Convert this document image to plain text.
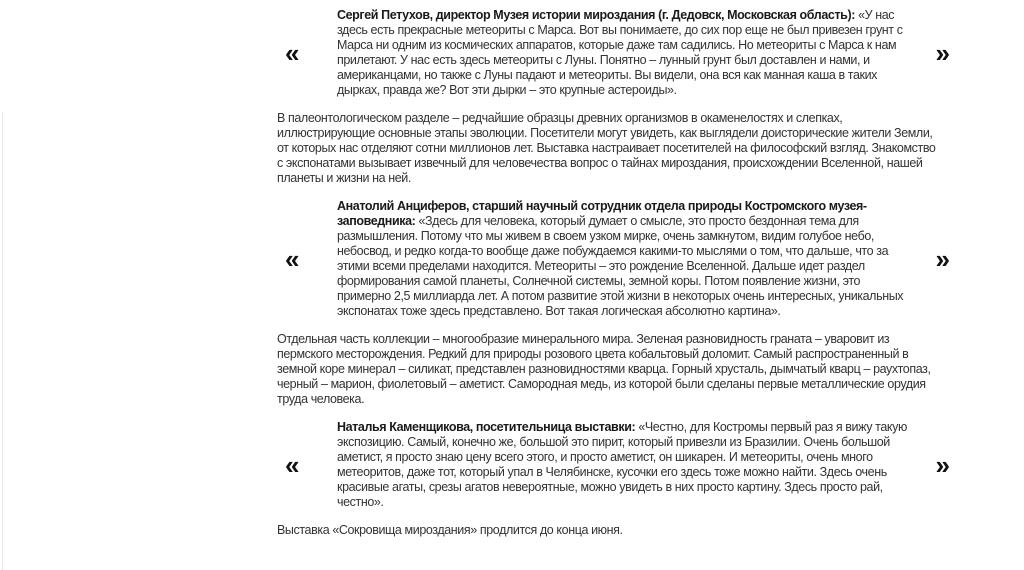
«

Сергей Петухов, директор Музея истории мироздания (г. Дедовск, Московская область): «У нас здесь есть прекрасные метеориты с Марса. Вот вы понимаете, до сих пор еще не был привезен грунт с Марса ни одним из космических аппаратов, которые даже там садились. Но метеориты с Марса к нам прилетают. У нас есть здесь метеориты с Луны. Понятно – лунный грунт был доставлен и нами, и американцами, но также с Луны падают и метеориты. Вы видели, она вся как манная каша в таких дырках, правда же? Вот эти дырки – это крупные астероиды».

»

В палеонтологическом разделе – редчайшие образцы древних организмов в окаменелостях и слепках, иллюстрирующие основные этапы эволюции. Посетители могут увидеть, как выглядели доисторические жители Земли, от которых нас отделяют сотни миллионов лет. Выставка настраивает посетителей на философский взгляд. Знакомство с экспонатами вызывает извечный для человечества вопрос о тайнах мироздания, происхождении Вселенной, нашей планеты и жизни на ней.

«

Анатолий Анциферов, старший научный сотрудник отдела природы Костромского музея-заповедника: «Здесь для человека, который думает о смысле, это просто бездонная тема для размышления. Потому что мы живем в своем узком мирке, очень замкнутом, видим голубое небо, небосвод, и редко когда-то вообще даже побуждаемся какими-то мыслями о том, что дальше, что за этими всеми пределами находится. Метеориты – это рождение Вселенной. Дальше идет раздел формирования самой планеты, Солнечной системы, земной коры. Потом появление жизни, это примерно 2,5 миллиарда лет. А потом развитие этой жизни в некоторых очень интересных, уникальных экспонатах тоже здесь представлено. Вот такая логическая абсолютно картина».

»

Отдельная часть коллекции – многообразие минерального мира. Зеленая разновидность граната – уваровит из пермского месторождения. Редкий для природы розового цвета кобальтовый доломит. Самый распространенный в земной коре минерал – силикат, представлен разновидностями кварца. Горный хрусталь, дымчатый кварц – раухтопаз, черный – марион, фиолетовый – аметист. Самородная медь, из которой были сделаны первые металлические орудия труда человека.

«

Наталья Каменщикова, посетительница выставки: «Честно, для Костромы первый раз я вижу такую экспозицию. Самый, конечно же, большой это пирит, который привезли из Бразилии. Очень большой аметист, я просто знаю цену всего этого, и просто аметист, он шикарен. И метеориты, очень много метеоритов, даже тот, который упал в Челябинске, кусочки его здесь тоже можно найти. Здесь очень красивые агаты, срезы агатов невероятные, можно увидеть в них просто картину. Здесь просто рай, честно».

»

Выставка «Сокровища мироздания» продлится до конца июня.
